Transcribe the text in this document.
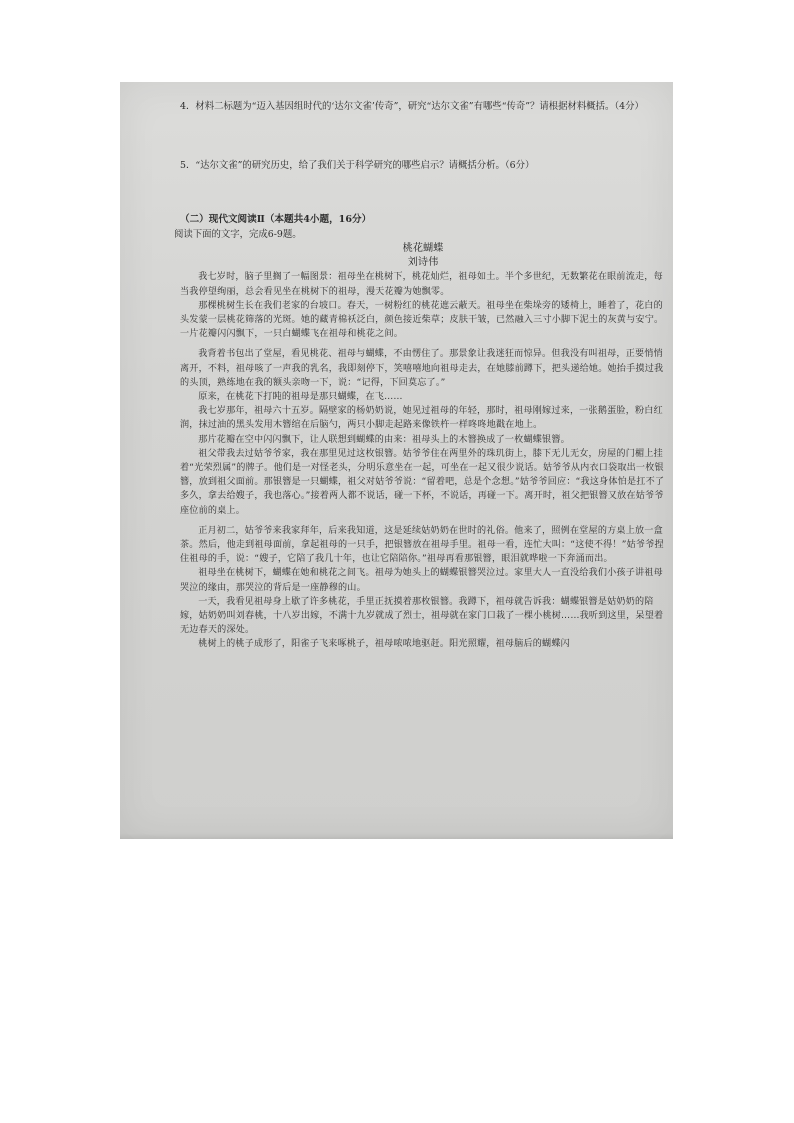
4．材料二标题为“迈入基因组时代的‘达尔文雀’传奇”，研究“达尔文雀”有哪些“传奇”？请根据材料概括。（4分）

5．“达尔文雀”的研究历史，给了我们关于科学研究的哪些启示？请概括分析。（6分）

（二）现代文阅读Ⅱ（本题共4小题，16分）

阅读下面的文字，完成6-9题。

桃花蝴蝶

刘诗伟

我七岁时，脑子里搁了一幅图景：祖母坐在桃树下，桃花灿烂，祖母如土。半个多世纪，无数繁花在眼前流走，每当我停望绚丽，总会看见坐在桃树下的祖母，漫天花瓣为她飘零。

那棵桃树生长在我们老家的台坡口。春天，一树粉红的桃花遮云蔽天。祖母坐在柴垛旁的矮椅上，睡着了，花白的头发蒙一层桃花筛落的光斑。她的藏青棉袄泛白，颜色接近柴草；皮肤干皱，已然融入三寸小脚下泥土的灰黄与安宁。一片花瓣闪闪飘下，一只白蝴蝶飞在祖母和桃花之间。

我背着书包出了堂屋，看见桃花、祖母与蝴蝶，不由愣住了。那景象让我迷狂而惊异。但我没有叫祖母，正要悄悄离开，不料，祖母咳了一声我的乳名，我即刻停下，笑嘻嘻地向祖母走去，在她膝前蹲下，把头递给她。她抬手摸过我的头顶，熟练地在我的额头亲吻一下，说：“记得，下回莫忘了。”

原来，在桃花下打盹的祖母是那只蝴蝶，在飞……

我七岁那年，祖母六十五岁。隔壁家的杨奶奶说，她见过祖母的年轻，那时，祖母刚嫁过来，一张鹅蛋脸，粉白红润，抹过油的黑头发用木簪绾在后脑勺，两只小脚走起路来像铁杵一样咚咚地戳在地上。

那片花瓣在空中闪闪飘下，让人联想到蝴蝶的由来：祖母头上的木簪换成了一枚蝴蝶银簪。

祖父带我去过姑爷爷家，我在那里见过这枚银簪。姑爷爷住在两里外的珠玑街上，膝下无儿无女，房屋的门楣上挂着“光荣烈属”的牌子。他们是一对怪老头，分明乐意坐在一起，可坐在一起又很少说话。姑爷爷从内衣口袋取出一枚银簪，放到祖父面前。那银簪是一只蝴蝶，祖父对姑爷爷说：“留着吧，总是个念想。”姑爷爷回应：“我这身体怕是扛不了多久，拿去给嫂子，我也落心。”接着两人都不说话，碰一下杯，不说话，再碰一下。离开时，祖父把银簪又放在姑爷爷座位前的桌上。

正月初二，姑爷爷来我家拜年，后来我知道，这是延续姑奶奶在世时的礼俗。他来了，照例在堂屋的方桌上放一盒茶。然后，他走到祖母面前，拿起祖母的一只手，把银簪放在祖母手里。祖母一看，连忙大叫：“这使不得！”姑爷爷捏住祖母的手，说：“嫂子，它陪了我几十年，也让它陪陪你。”祖母再看那银簪，眼泪就哗啦一下奔涌而出。

祖母坐在桃树下，蝴蝶在她和桃花之间飞。祖母为她头上的蝴蝶银簪哭泣过。家里大人一直没给我们小孩子讲祖母哭泣的缘由，那哭泣的背后是一座静穆的山。

一天，我看见祖母身上歇了许多桃花，手里正抚摸着那枚银簪。我蹲下，祖母就告诉我：蝴蝶银簪是姑奶奶的陪嫁，姑奶奶叫刘春桃，十八岁出嫁，不满十九岁就成了烈士，祖母就在家门口栽了一棵小桃树……我听到这里，呆望着无边春天的深处。

桃树上的桃子成形了，阳雀子飞来啄桃子，祖母哝哝地驱赶。阳光照耀，祖母脑后的蝴蝶闪
